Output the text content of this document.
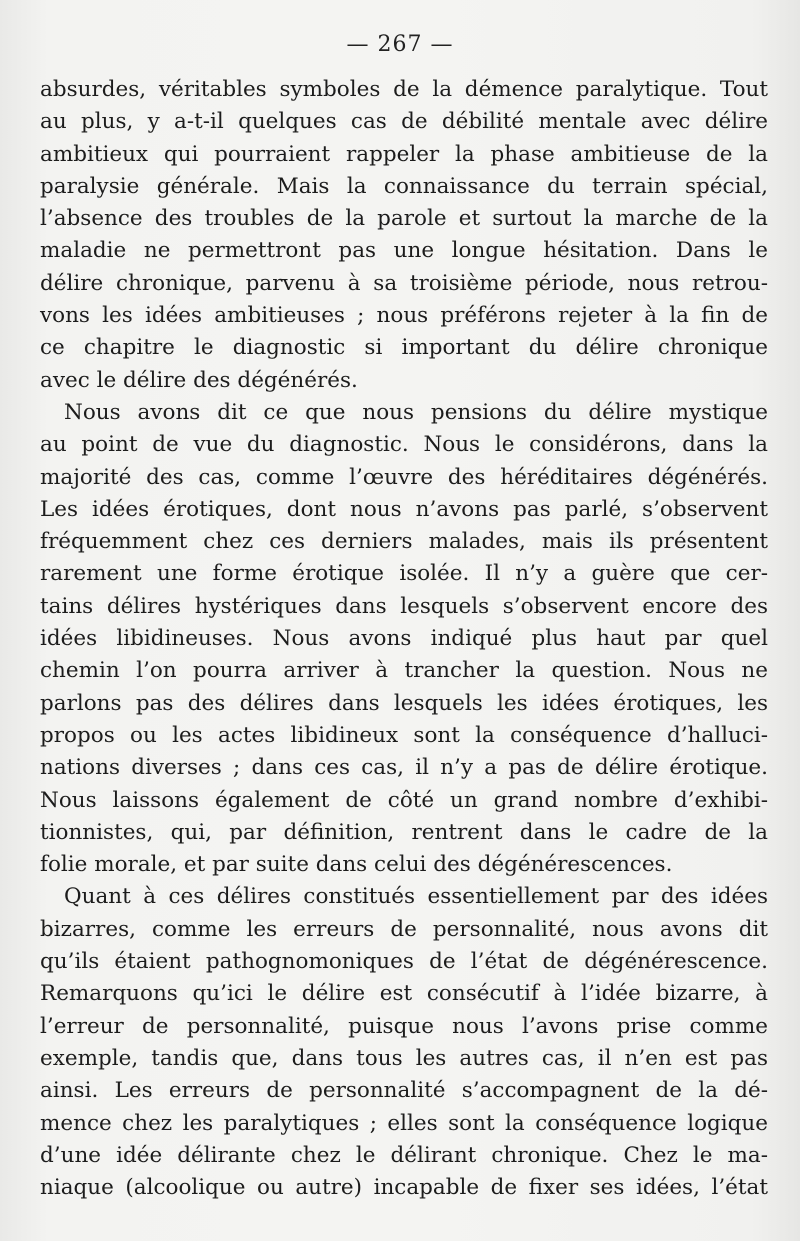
— 267 —
absurdes, véritables symboles de la démence paralytique. Tout
au plus, y a-t-il quelques cas de débilité mentale avec délire
ambitieux qui pourraient rappeler la phase ambitieuse de la
paralysie générale. Mais la connaissance du terrain spécial,
l’absence des troubles de la parole et surtout la marche de la
maladie ne permettront pas une longue hésitation. Dans le
délire chronique, parvenu à sa troisième période, nous retrou-
vons les idées ambitieuses ; nous préférons rejeter à la fin de
ce chapitre le diagnostic si important du délire chronique
avec le délire des dégénérés.
Nous avons dit ce que nous pensions du délire mystique
au point de vue du diagnostic. Nous le considérons, dans la
majorité des cas, comme l’œuvre des héréditaires dégénérés.
Les idées érotiques, dont nous n’avons pas parlé, s’observent
fréquemment chez ces derniers malades, mais ils présentent
rarement une forme érotique isolée. Il n’y a guère que cer-
tains délires hystériques dans lesquels s’observent encore des
idées libidineuses. Nous avons indiqué plus haut par quel
chemin l’on pourra arriver à trancher la question. Nous ne
parlons pas des délires dans lesquels les idées érotiques, les
propos ou les actes libidineux sont la conséquence d’halluci-
nations diverses ; dans ces cas, il n’y a pas de délire érotique.
Nous laissons également de côté un grand nombre d’exhibi-
tionnistes, qui, par définition, rentrent dans le cadre de la
folie morale, et par suite dans celui des dégénérescences.
Quant à ces délires constitués essentiellement par des idées
bizarres, comme les erreurs de personnalité, nous avons dit
qu’ils étaient pathognomoniques de l’état de dégénérescence.
Remarquons qu’ici le délire est consécutif à l’idée bizarre, à
l’erreur de personnalité, puisque nous l’avons prise comme
exemple, tandis que, dans tous les autres cas, il n’en est pas
ainsi. Les erreurs de personnalité s’accompagnent de la dé-
mence chez les paralytiques ; elles sont la conséquence logique
d’une idée délirante chez le délirant chronique. Chez le ma-
niaque (alcoolique ou autre) incapable de fixer ses idées, l’état
